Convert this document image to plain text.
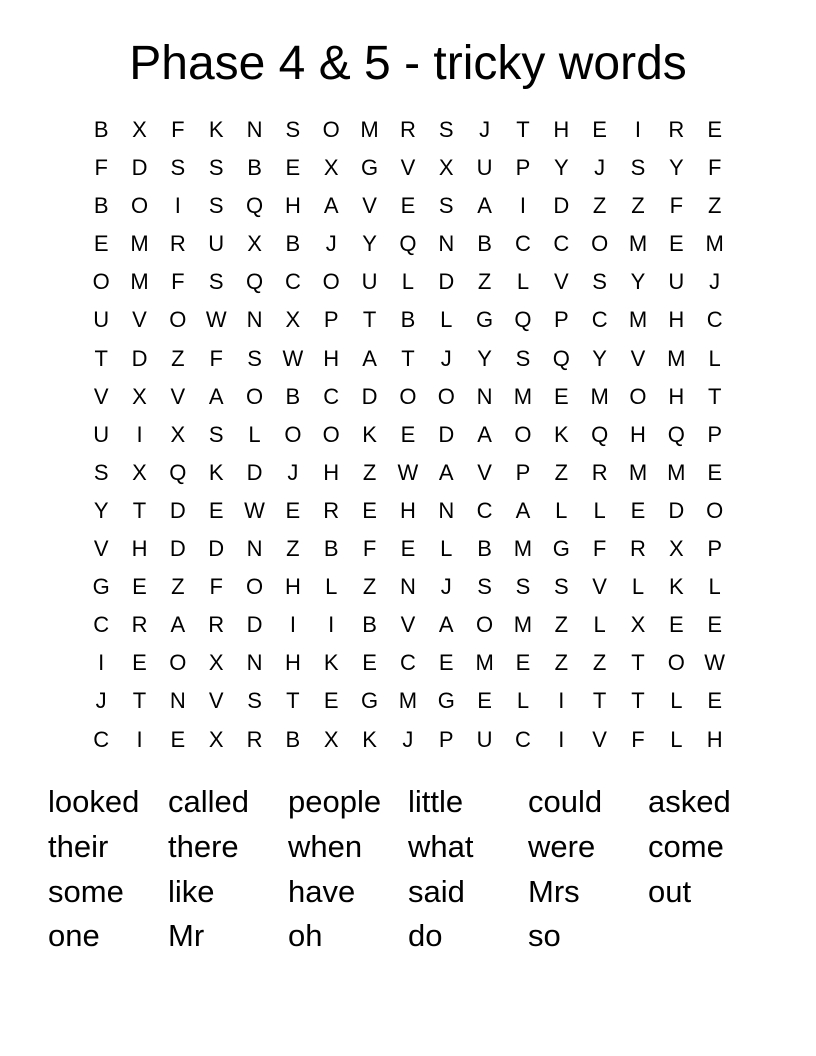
Phase 4 & 5 - tricky words
B	X	F	K	N	S	O M R	S	J	T	H	E	I	R	E
F	D	S	S	B	E	X	G	V	X	U	P	Y	J	S	Y	F
B	O	I	S	Q H	A	V	E	S	A	I	D	Z	Z	F	Z
E M R	U	X	B	J	Y	Q N	B	C	C O M E M
O M	F	S	Q C O U	L	D	Z	L	V	S	Y	U	J
U	V	O W N	X	P	T	B	L	G Q	P	C M H	C
T	D	Z	F	S W H	A	T	J	Y	S	Q	Y	V M	L
V	X	V	A	O	B	C	D O O N M E M O H	T
U	I	X	S	L	O O	K	E	D	A	O	K	Q H Q	P
S	X	Q	K	D	J	H	Z W A	V	P	Z	R M M E
Y	T	D	E W E	R	E	H	N	C	A	L	L	E	D O
V	H	D	D	N	Z	B	F	E	L	B M G	F	R	X	P
G	E	Z	F	O H	L	Z	N	J	S	S	S	V	L	K	L
C	R	A	R	D	I	I	B	V	A	O M	Z	L	X	E	E
I	E	O	X	N	H	K	E	C	E M E	Z	Z	T	O W
J	T	N	V	S	T	E	G M G	E	L	I	T	T	L	E
C	I	E	X	R	B	X	K	J	P	U	C	I	V	F	L	H
looked called	people little	could	asked
their	there	when	what	were	come
some	like	have	said	Mrs	out
one	Mr	oh	do	so
